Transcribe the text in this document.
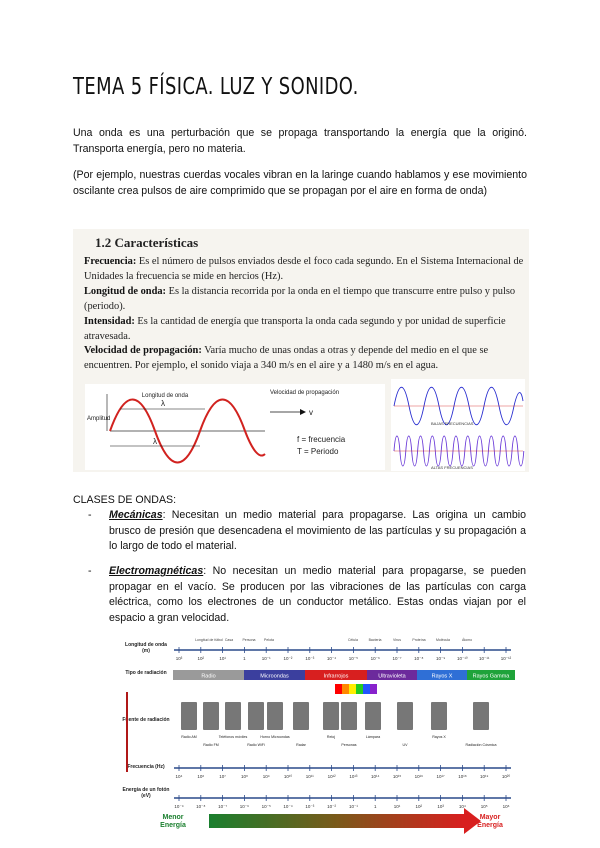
TEMA 5 FÍSICA. LUZ Y SONIDO.
Una onda es una perturbación que se propaga transportando la energía que la originó. Transporta energía, pero no materia.
(Por ejemplo, nuestras cuerdas vocales vibran en la laringe cuando hablamos y ese movimiento oscilante crea pulsos de aire comprimido que se propagan por el aire en forma de onda)
1.2 Características
Frecuencia: Es el número de pulsos enviados desde el foco cada segundo. En el Sistema Internacional de Unidades la frecuencia se mide en hercios (Hz).
Longitud de onda: Es la distancia recorrida por la onda en el tiempo que transcurre entre pulso y pulso (periodo).
Intensidad: Es la cantidad de energía que transporta la onda cada segundo y por unidad de superficie atravesada.
Velocidad de propagación: Varía mucho de unas ondas a otras y depende del medio en el que se encuentren. Por ejemplo, el sonido viaja a 340 m/s en el aire y a 1480 m/s en el agua.
Longitud de onda
λ
λ
Amplitud
Velocidad de propagación
v
f = frecuencia
T = Periodo
BAJAS FRECUENCIAS
ALTAS FRECUENCIAS
CLASES DE ONDAS:
- Mecánicas: Necesitan un medio material para propagarse. Las origina un cambio brusco de presión que desencadena el movimiento de las partículas y su propagación a lo largo de todo el material.
- Electromagnéticas: No necesitan un medio material para propagarse, se pueden propagar en el vacío. Se producen por las vibraciones de las partículas con carga eléctrica, como los electrones de un conductor metálico. Estas ondas viajan por el espacio a gran velocidad.
Longitud de onda (m)
Tipo de radiación
Fuente de radiación
Frecuencia (Hz)
Energía de un fotón (eV)
10³	10²	10¹	1	10⁻¹	10⁻²	10⁻³	10⁻⁴	10⁻⁵	10⁻⁶	10⁻⁷	10⁻⁸	10⁻⁹	10⁻¹⁰	10⁻¹¹	10⁻¹²
Longitud de fútbol Casa	Persona Pelota	Célula	Bacteria	Virus	Proteína	Molécula	Átomo
Radio	Microondas	Infrarrojos	Ultravioleta	Rayos X	Rayos Gamma
Radio AM
Radio FM
Teléfonos móviles
Radio WiFi
Horno Microondas
Radar
Reloj
Personas
Lámpara
UV
Rayos X
Radiación Cósmica
10⁴	10⁶	10⁷	10⁸	10⁹	10¹⁰	10¹¹	10¹²	10¹³	10¹⁴	10¹⁵	10¹⁶	10¹⁷	10¹⁸	10¹⁹	10²⁰
10⁻⁹	10⁻⁸	10⁻⁷	10⁻⁶	10⁻⁵	10⁻⁴	10⁻³	10⁻²	10⁻¹	1	10¹	10²	10³	10⁴	10⁵	10⁶
Menor Energía
Mayor Energía
